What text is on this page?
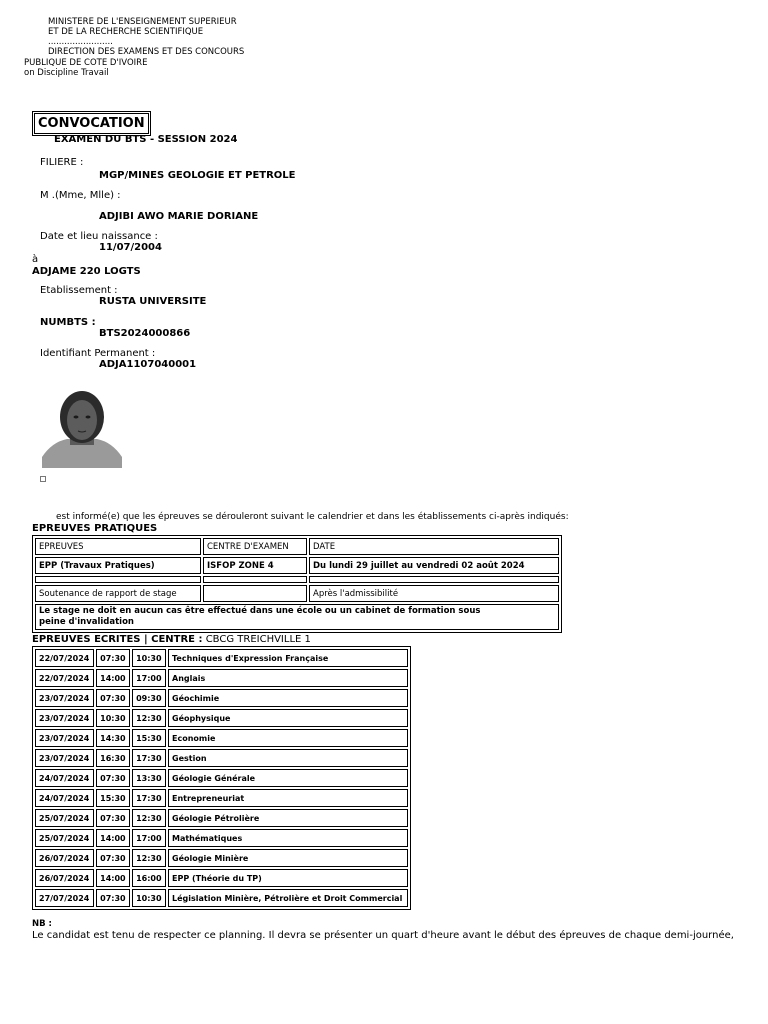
MINISTERE DE L'ENSEIGNEMENT SUPERIEUR
ET DE LA RECHERCHE SCIENTIFIQUE
........................
DIRECTION DES EXAMENS ET DES CONCOURS
PUBLIQUE DE COTE D'IVOIRE
on Discipline Travail
CONVOCATION
EXAMEN DU BTS - SESSION 2024
FILIERE :
MGP/MINES GEOLOGIE ET PETROLE
M .(Mme, Mlle) :
ADJIBI AWO MARIE DORIANE
Date et lieu naissance :
11/07/2004
à
ADJAME 220 LOGTS
Etablissement :
RUSTA UNIVERSITE
NUMBTS :
BTS2024000866
Identifiant Permanent :
ADJA1107040001
est informé(e) que les épreuves se dérouleront suivant le calendrier et dans les établissements ci-après indiqués:
EPREUVES PRATIQUES
EPREUVES	CENTRE D'EXAMEN	DATE
EPP (Travaux Pratiques)	ISFOP ZONE 4	Du lundi 29 juillet au vendredi 02 août 2024

Soutenance de rapport de stage		Après l'admissibilité
Le stage ne doit en aucun cas être effectué dans une école ou un cabinet de formation sous peine d'invalidation		
EPREUVES ECRITES | CENTRE : CBCG TREICHVILLE 1
22/07/2024	07:30	10:30	Techniques d'Expression Française
22/07/2024	14:00	17:00	Anglais
23/07/2024	07:30	09:30	Géochimie
23/07/2024	10:30	12:30	Géophysique
23/07/2024	14:30	15:30	Economie
23/07/2024	16:30	17:30	Gestion
24/07/2024	07:30	13:30	Géologie Générale
24/07/2024	15:30	17:30	Entrepreneuriat
25/07/2024	07:30	12:30	Géologie Pétrolière
25/07/2024	14:00	17:00	Mathématiques
26/07/2024	07:30	12:30	Géologie Minière
26/07/2024	14:00	16:00	EPP (Théorie du TP)
27/07/2024	07:30	10:30	Législation Minière, Pétrolière et Droit Commercial
NB :
Le candidat est tenu de respecter ce planning. Il devra se présenter un quart d'heure avant le début des épreuves de chaque demi-journée,
